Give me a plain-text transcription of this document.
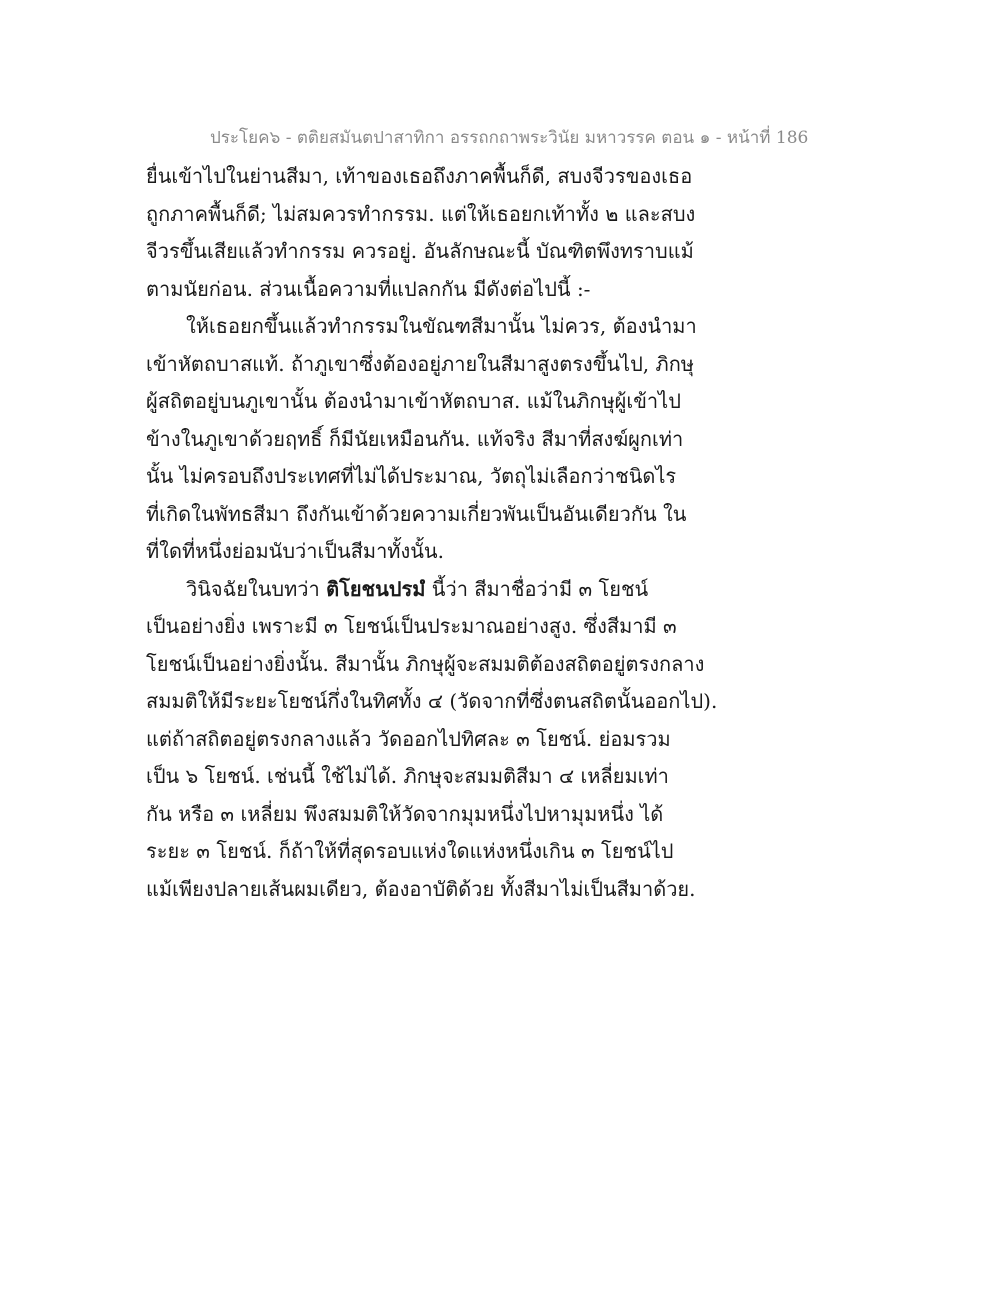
ประโยค๖ - ตติยสมันตปาสาทิกา อรรถกถาพระวินัย มหาวรรค ตอน ๑ - หน้าที่ 186
ยื่นเข้าไปในย่านสีมา, เท้าของเธอถึงภาคพื้นก็ดี, สบงจีวรของเธอ
ถูกภาคพื้นก็ดี; ไม่สมควรทำกรรม. แต่ให้เธอยกเท้าทั้ง ๒ และสบง
จีวรขึ้นเสียแล้วทำกรรม ควรอยู่. อันลักษณะนี้ บัณฑิตพึงทราบแม้
ตามนัยก่อน. ส่วนเนื้อความที่แปลกกัน มีดังต่อไปนี้ :-
ให้เธอยกขึ้นแล้วทำกรรมในขัณฑสีมานั้น ไม่ควร, ต้องนำมา
เข้าหัตถบาสแท้. ถ้าภูเขาซึ่งต้องอยู่ภายในสีมาสูงตรงขึ้นไป, ภิกษุ
ผู้สถิตอยู่บนภูเขานั้น ต้องนำมาเข้าหัตถบาส. แม้ในภิกษุผู้เข้าไป
ข้างในภูเขาด้วยฤทธิ์ ก็มีนัยเหมือนกัน. แท้จริง สีมาที่สงฆ์ผูกเท่า
นั้น ไม่ครอบถึงประเทศที่ไม่ได้ประมาณ, วัตถุไม่เลือกว่าชนิดไร
ที่เกิดในพัทธสีมา ถึงกันเข้าด้วยความเกี่ยวพันเป็นอันเดียวกัน ใน
ที่ใดที่หนึ่งย่อมนับว่าเป็นสีมาทั้งนั้น.
วินิจฉัยในบทว่า ติโยชนปรมํ นี้ว่า สีมาชื่อว่ามี ๓ โยชน์
เป็นอย่างยิ่ง เพราะมี ๓ โยชน์เป็นประมาณอย่างสูง. ซึ่งสีมามี ๓
โยชน์เป็นอย่างยิ่งนั้น. สีมานั้น ภิกษุผู้จะสมมติต้องสถิตอยู่ตรงกลาง
สมมติให้มีระยะโยชน์กึ่งในทิศทั้ง ๔ (วัดจากที่ซึ่งตนสถิตนั้นออกไป).
แต่ถ้าสถิตอยู่ตรงกลางแล้ว วัดออกไปทิศละ ๓ โยชน์. ย่อมรวม
เป็น ๖ โยชน์. เช่นนี้ ใช้ไม่ได้. ภิกษุจะสมมติสีมา ๔ เหลี่ยมเท่า
กัน หรือ ๓ เหลี่ยม พึงสมมติให้วัดจากมุมหนึ่งไปหามุมหนึ่ง ได้
ระยะ ๓ โยชน์. ก็ถ้าให้ที่สุดรอบแห่งใดแห่งหนึ่งเกิน ๓ โยชน์ไป
แม้เพียงปลายเส้นผมเดียว, ต้องอาบัติด้วย ทั้งสีมาไม่เป็นสีมาด้วย.
